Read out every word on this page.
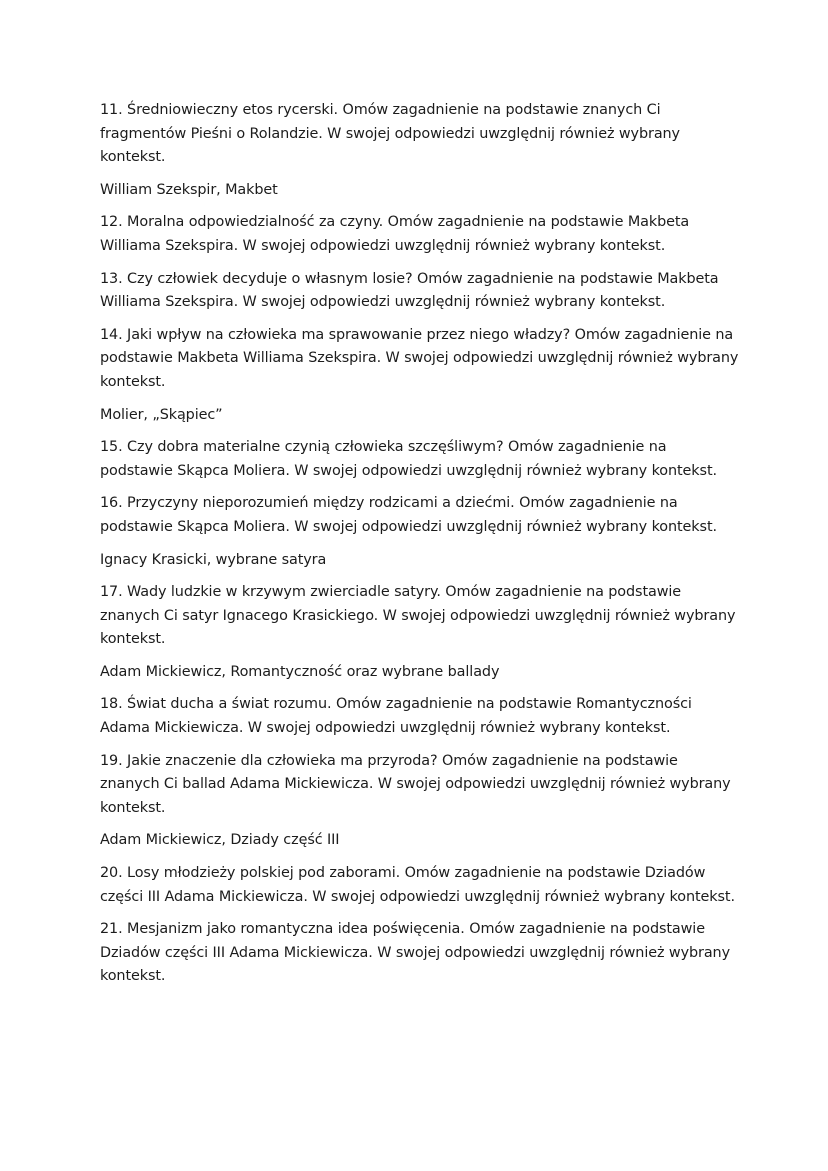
11. Średniowieczny etos rycerski. Omów zagadnienie na podstawie znanych Ci fragmentów Pieśni o Rolandzie. W swojej odpowiedzi uwzględnij również wybrany kontekst.

William Szekspir, Makbet

12. Moralna odpowiedzialność za czyny. Omów zagadnienie na podstawie Makbeta Williama Szekspira. W swojej odpowiedzi uwzględnij również wybrany kontekst.

13. Czy człowiek decyduje o własnym losie? Omów zagadnienie na podstawie Makbeta Williama Szekspira. W swojej odpowiedzi uwzględnij również wybrany kontekst.

14. Jaki wpływ na człowieka ma sprawowanie przez niego władzy? Omów zagadnienie na podstawie Makbeta Williama Szekspira. W swojej odpowiedzi uwzględnij również wybrany kontekst.

Molier, „Skąpiec”

15. Czy dobra materialne czynią człowieka szczęśliwym? Omów zagadnienie na podstawie Skąpca Moliera. W swojej odpowiedzi uwzględnij również wybrany kontekst.

16. Przyczyny nieporozumień między rodzicami a dziećmi. Omów zagadnienie na podstawie Skąpca Moliera. W swojej odpowiedzi uwzględnij również wybrany kontekst.

Ignacy Krasicki, wybrane satyra

17. Wady ludzkie w krzywym zwierciadle satyry. Omów zagadnienie na podstawie znanych Ci satyr Ignacego Krasickiego. W swojej odpowiedzi uwzględnij również wybrany kontekst.

Adam Mickiewicz, Romantyczność oraz wybrane ballady

18. Świat ducha a świat rozumu. Omów zagadnienie na podstawie Romantyczności Adama Mickiewicza. W swojej odpowiedzi uwzględnij również wybrany kontekst.

19. Jakie znaczenie dla człowieka ma przyroda? Omów zagadnienie na podstawie znanych Ci ballad Adama Mickiewicza. W swojej odpowiedzi uwzględnij również wybrany kontekst.

Adam Mickiewicz, Dziady część III

20. Losy młodzieży polskiej pod zaborami. Omów zagadnienie na podstawie Dziadów części III Adama Mickiewicza. W swojej odpowiedzi uwzględnij również wybrany kontekst.

21. Mesjanizm jako romantyczna idea poświęcenia. Omów zagadnienie na podstawie Dziadów części III Adama Mickiewicza. W swojej odpowiedzi uwzględnij również wybrany kontekst.
